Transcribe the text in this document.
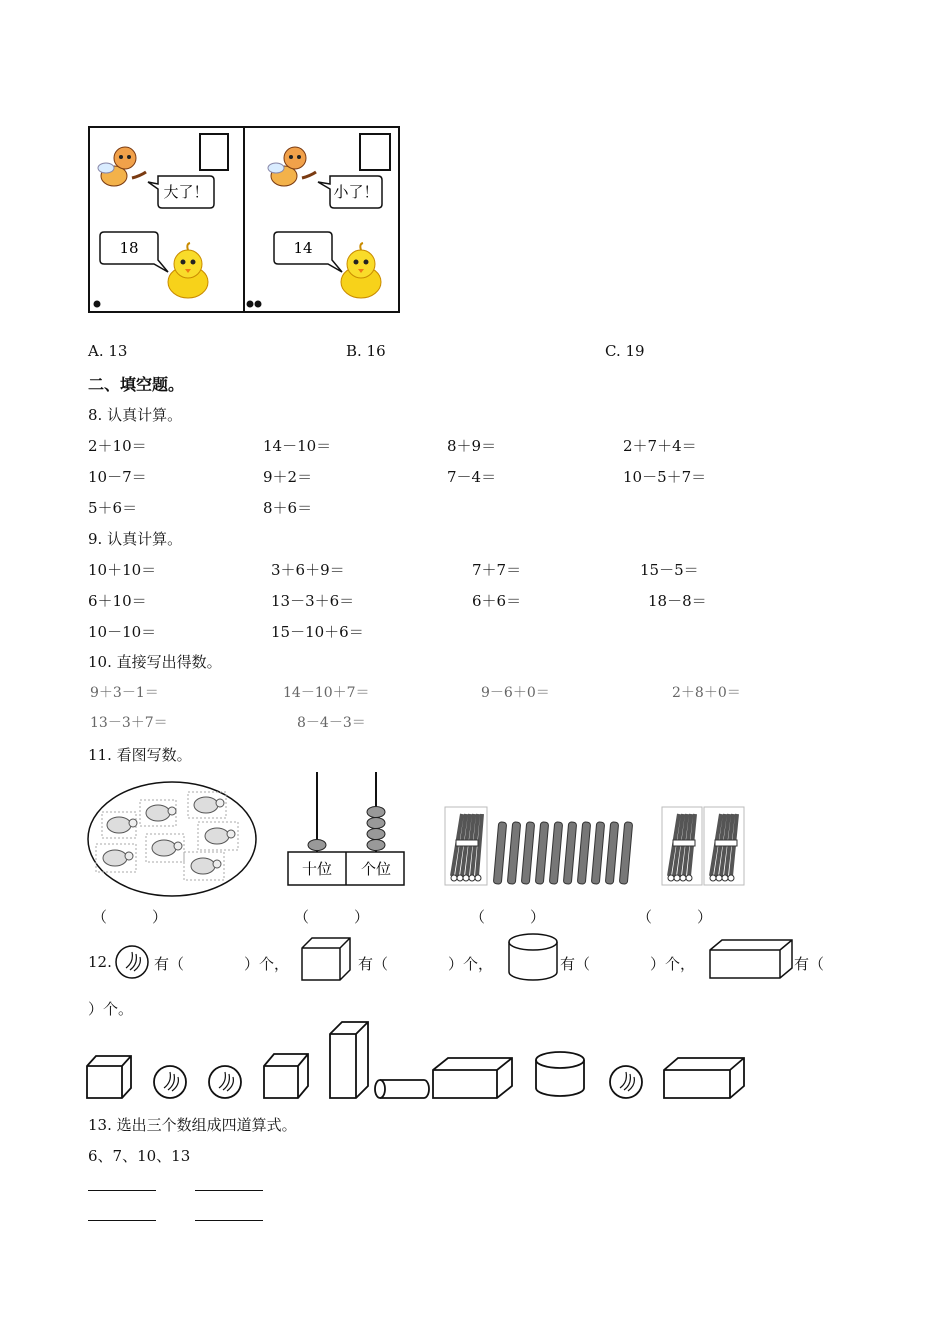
大了！
18
小了！
14
A. 13	B. 16	C. 19
二、填空题。
8. 认真计算。
2＋10＝	14－10＝	8＋9＝	2＋7＋4＝
10－7＝	9＋2＝	7－4＝	10－5＋7＝
5＋6＝	8＋6＝
9. 认真计算。
10＋10＝	3＋6＋9＝	7＋7＝	15－5＝
6＋10＝	13－3＋6＝	6＋6＝	18－8＝
10－10＝	15－10＋6＝
10. 直接写出得数。
9＋3－1＝	14－10＋7＝	9－6＋0＝	2＋8＋0＝
13－3＋7＝	8－4－3＝
11. 看图写数。
十位 个位
（　　　）	（　　　）	（　　　）	（　　　）
12.	有（　　　　）个，	有（　　　　）个，	有（　　　　）个，	有（
）个。
13. 选出三个数组成四道算式。
6、7、10、13
